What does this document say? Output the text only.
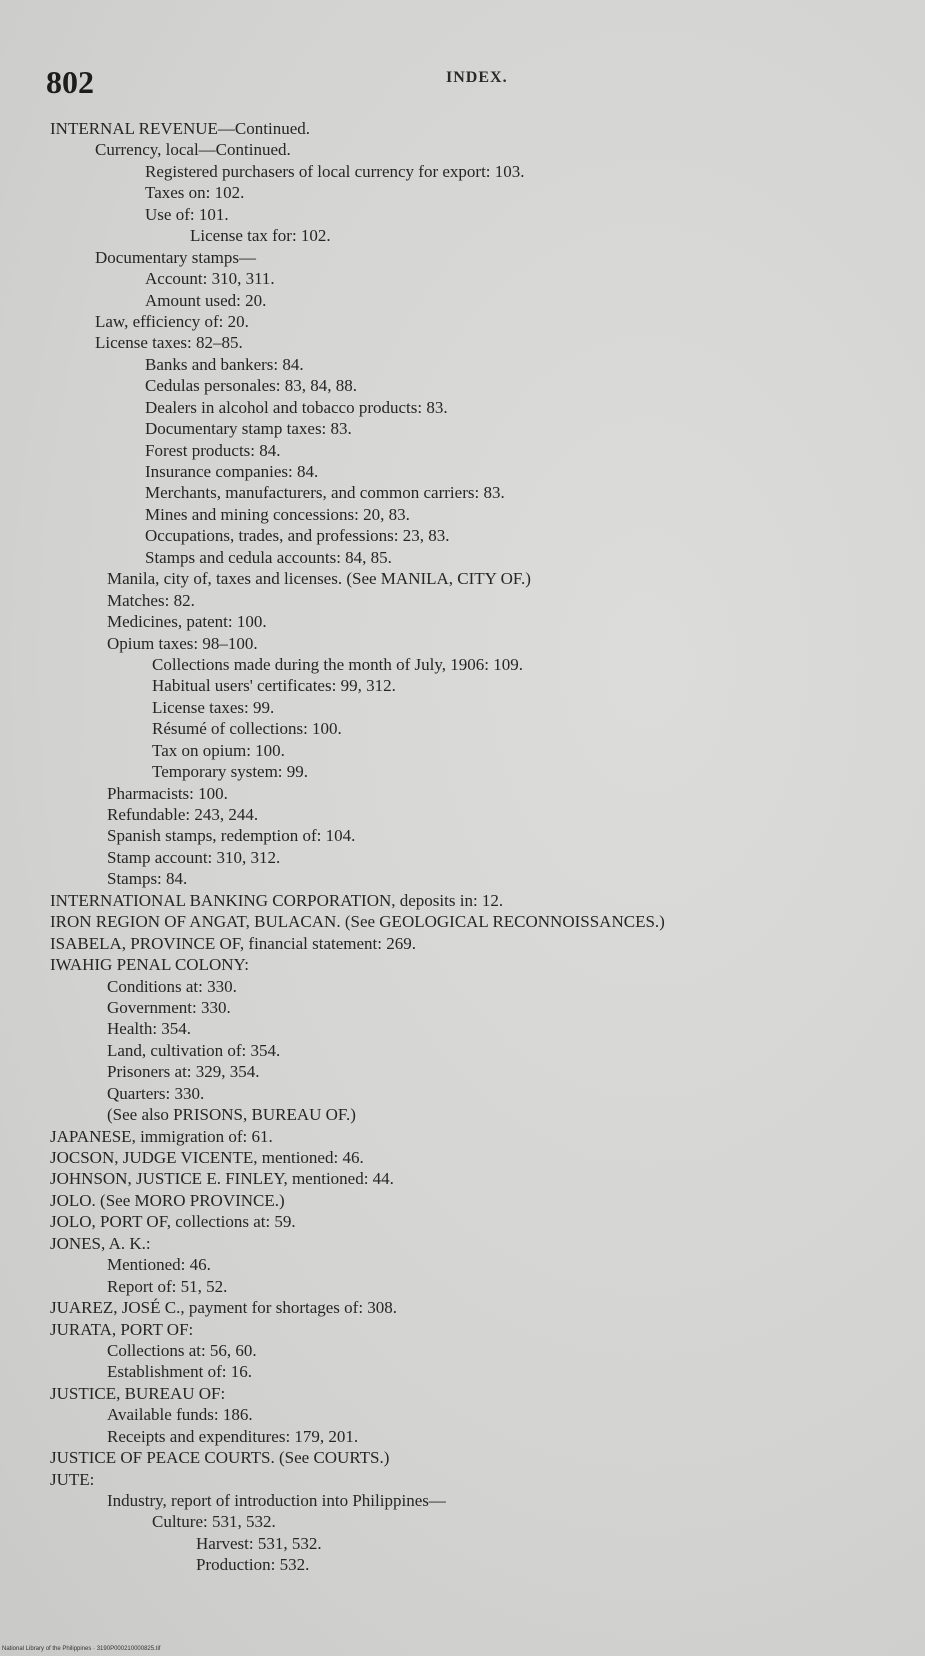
802	INDEX.
INTERNAL REVENUE—Continued.
Currency, local—Continued.
Registered purchasers of local currency for export: 103.
Taxes on: 102.
Use of: 101.
License tax for: 102.
Documentary stamps—
Account: 310, 311.
Amount used: 20.
Law, efficiency of: 20.
License taxes: 82–85.
Banks and bankers: 84.
Cedulas personales: 83, 84, 88.
Dealers in alcohol and tobacco products: 83.
Documentary stamp taxes: 83.
Forest products: 84.
Insurance companies: 84.
Merchants, manufacturers, and common carriers: 83.
Mines and mining concessions: 20, 83.
Occupations, trades, and professions: 23, 83.
Stamps and cedula accounts: 84, 85.
Manila, city of, taxes and licenses. (See MANILA, CITY OF.)
Matches: 82.
Medicines, patent: 100.
Opium taxes: 98–100.
Collections made during the month of July, 1906: 109.
Habitual users' certificates: 99, 312.
License taxes: 99.
Résumé of collections: 100.
Tax on opium: 100.
Temporary system: 99.
Pharmacists: 100.
Refundable: 243, 244.
Spanish stamps, redemption of: 104.
Stamp account: 310, 312.
Stamps: 84.
INTERNATIONAL BANKING CORPORATION, deposits in: 12.
IRON REGION OF ANGAT, BULACAN. (See GEOLOGICAL RECONNOISSANCES.)
ISABELA, PROVINCE OF, financial statement: 269.
IWAHIG PENAL COLONY:
Conditions at: 330.
Government: 330.
Health: 354.
Land, cultivation of: 354.
Prisoners at: 329, 354.
Quarters: 330.
(See also PRISONS, BUREAU OF.)
JAPANESE, immigration of: 61.
JOCSON, JUDGE VICENTE, mentioned: 46.
JOHNSON, JUSTICE E. FINLEY, mentioned: 44.
JOLO. (See MORO PROVINCE.)
JOLO, PORT OF, collections at: 59.
JONES, A. K.:
Mentioned: 46.
Report of: 51, 52.
JUAREZ, JOSÉ C., payment for shortages of: 308.
JURATA, PORT OF:
Collections at: 56, 60.
Establishment of: 16.
JUSTICE, BUREAU OF:
Available funds: 186.
Receipts and expenditures: 179, 201.
JUSTICE OF PEACE COURTS. (See COURTS.)
JUTE:
Industry, report of introduction into Philippines—
Culture: 531, 532.
Harvest: 531, 532.
Production: 532.
National Library of the Philippines · 3190P000210000825.tif
